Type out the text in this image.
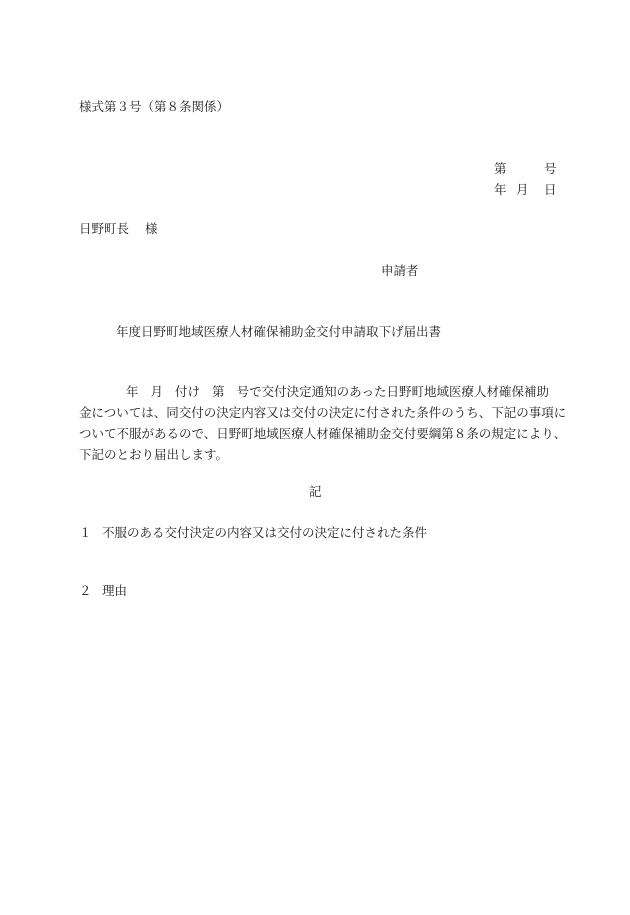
様式第３号（第８条関係）
第	号
年 月 日
日野町長 様
申請者
年度日野町地域医療人材確保補助金交付申請取下げ届出書
年 月 付け 第 号で交付決定通知のあった日野町地域医療人材確保補助
金については、同交付の決定内容又は交付の決定に付された条件のうち、下記の事項に
ついて不服があるので、日野町地域医療人材確保補助金交付要綱第８条の規定により、
下記のとおり届出します。
記
１ 不服のある交付決定の内容又は交付の決定に付された条件
２ 理由
